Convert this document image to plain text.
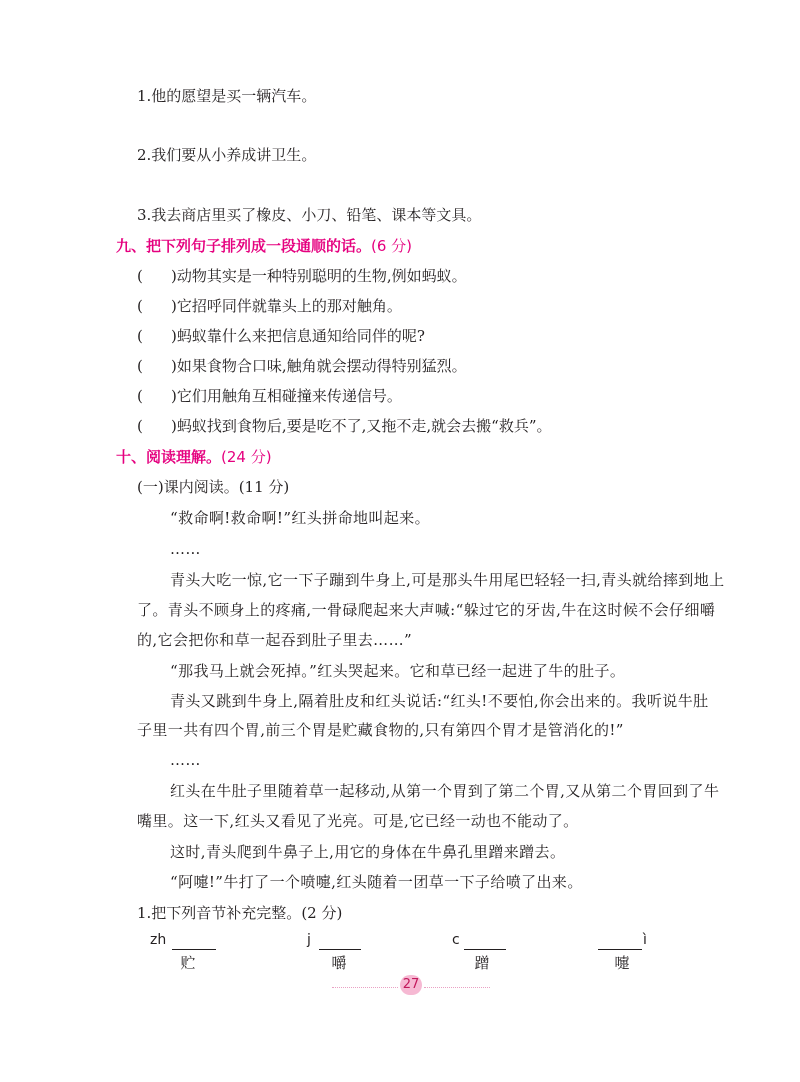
1.他的愿望是买一辆汽车。
2.我们要从小养成讲卫生。
3.我去商店里买了橡皮、小刀、铅笔、课本等文具。
九、把下列句子排列成一段通顺的话。(6 分)
( )动物其实是一种特别聪明的生物,例如蚂蚁。
( )它招呼同伴就靠头上的那对触角。
( )蚂蚁靠什么来把信息通知给同伴的呢?
( )如果食物合口味,触角就会摆动得特别猛烈。
( )它们用触角互相碰撞来传递信号。
( )蚂蚁找到食物后,要是吃不了,又拖不走,就会去搬“救兵”。
十、阅读理解。(24 分)
(一)课内阅读。(11 分)
“救命啊!救命啊!”红头拼命地叫起来。
……
青头大吃一惊,它一下子蹦到牛身上,可是那头牛用尾巴轻轻一扫,青头就给摔到地上
了。青头不顾身上的疼痛,一骨碌爬起来大声喊:“躲过它的牙齿,牛在这时候不会仔细嚼
的,它会把你和草一起吞到肚子里去……”
“那我马上就会死掉。”红头哭起来。它和草已经一起进了牛的肚子。
青头又跳到牛身上,隔着肚皮和红头说话:“红头!不要怕,你会出来的。我听说牛肚
子里一共有四个胃,前三个胃是贮藏食物的,只有第四个胃才是管消化的!”
……
红头在牛肚子里随着草一起移动,从第一个胃到了第二个胃,又从第二个胃回到了牛
嘴里。这一下,红头又看见了光亮。可是,它已经一动也不能动了。
这时,青头爬到牛鼻子上,用它的身体在牛鼻孔里蹭来蹭去。
“阿嚏!”牛打了一个喷嚏,红头随着一团草一下子给喷了出来。
1.把下列音节补充完整。(2 分)
zh
贮
j
嚼
c
蹭
ì
嚏
27
